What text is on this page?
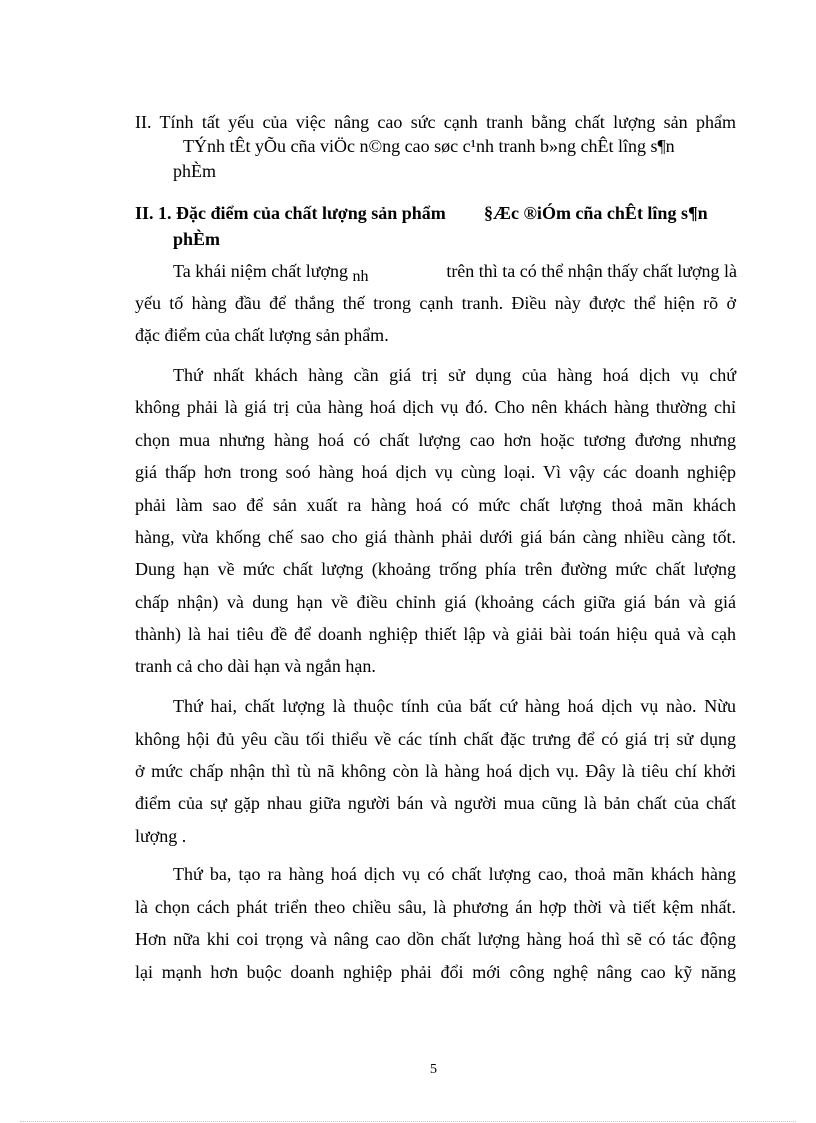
II. Tính tất yếu của việc nâng cao sức cạnh tranh bằng chất lượng sản phẩm
TÝnh tÊt yÕu cña viÖc n©ng cao søc c¹nh tranh b»ng chÊt lîng s¶n
phÈm
II. 1. Đặc điểm của chất lượng sản phẩm §Æc ®iÓm cña chÊt lîng s¶n
phÈm
Ta khái niệm chất lượng nh	trên thì ta có thể nhận thấy chất lượng là
yếu tố hàng đầu để thắng thế trong cạnh tranh. Điều này được thể hiện rõ ở
đặc điểm của chất lượng sản phẩm.
Thứ nhất khách hàng cần giá trị sử dụng của hàng hoá dịch vụ chứ
không phải là giá trị của hàng hoá dịch vụ đó. Cho nên khách hàng thường chỉ
chọn mua nhưng hàng hoá có chất lượng cao hơn hoặc tương đương nhưng
giá thấp hơn trong soó hàng hoá dịch vụ cùng loại. Vì vậy các doanh nghiệp
phải làm sao để sản xuất ra hàng hoá có mức chất lượng thoả mãn khách
hàng, vừa khống chế sao cho giá thành phải dưới giá bán càng nhiều càng tốt.
Dung hạn về mức chất lượng (khoảng trống phía trên đường mức chất lượng
chấp nhận) và dung hạn về điều chỉnh giá (khoảng cách giữa giá bán và giá
thành) là hai tiêu đề để doanh nghiệp thiết lập và giải bài toán hiệu quả và cạh
tranh cả cho dài hạn và ngắn hạn.
Thứ hai, chất lượng là thuộc tính của bất cứ hàng hoá dịch vụ nào. Nừu
không hội đủ yêu cầu tối thiểu về các tính chất đặc trưng để có giá trị sử dụng
ở mức chấp nhận thì tù nã không còn là hàng hoá dịch vụ. Đây là tiêu chí khởi
điểm của sự gặp nhau giữa người bán và người mua cũng là bản chất của chất
lượng .
Thứ ba, tạo ra hàng hoá dịch vụ có chất lượng cao, thoả mãn khách hàng
là chọn cách phát triển theo chiều sâu, là phương án hợp thời và tiết kệm nhất.
Hơn nữa khi coi trọng và nâng cao dồn chất lượng hàng hoá thì sẽ có tác động
lại mạnh hơn buộc doanh nghiệp phải đổi mới công nghệ nâng cao kỹ năng
5
